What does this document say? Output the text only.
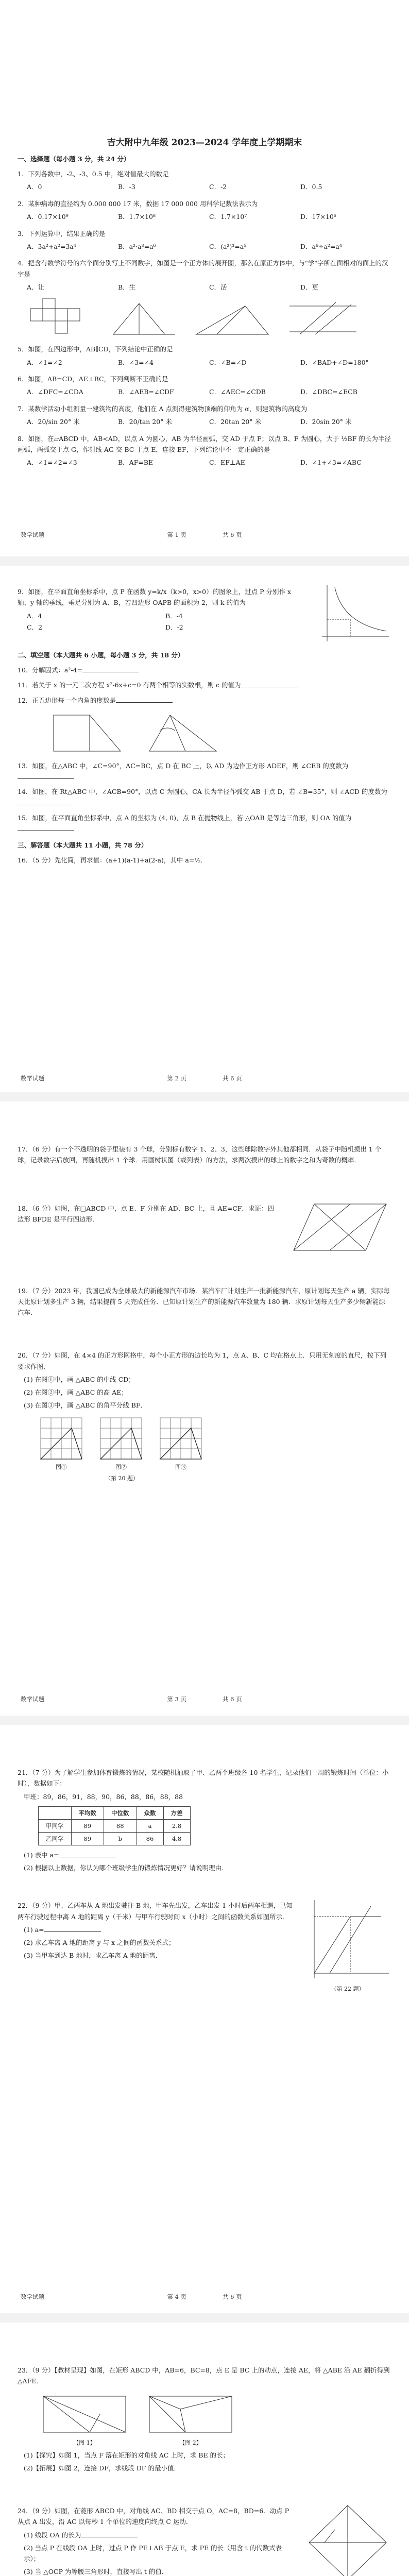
吉大附中九年级 2023—2024 学年度上学期期末
一、选择题（每小题 3 分，共 24 分）
1．下列各数中，-2、-3、0.5 中，绝对值最大的数是
A．0	B．-3	C．-2	D．0.5
2．某种病毒的直径约为 0.000 000 17 米，数据 17 000 000 用科学记数法表示为
A．0.17×10⁹	B．1.7×10⁸	C．1.7×10⁷	D．17×10⁶
3．下列运算中，结果正确的是
A．3a²+a²=3a⁴	B．a²·a³=a⁶	C．(a²)³=a⁵	D．a⁶÷a²=a⁴
4．把含有数学符号的六个面分别写上不同数字，如图是一个正方体的展开图，那么在原正方体中，与"学"字所在面相对的面上的汉字是
A．让	B．生	C．活	D．更
5．如图，在四边形中，AB∥CD，下列结论中正确的是
A．∠1=∠2	B．∠3=∠4	C．∠B=∠D	D．∠BAD+∠D=180°
6．如图，AB=CD，AE⊥BC，下列判断不正确的是
A．∠DFC=∠CDA	B．∠AEB=∠CDF	C．∠AEC=∠CDB	D．∠DBC=∠ECB
7．某数学活动小组测量一建筑物的高度，他们在 A 点测得建筑物顶端的仰角为 α，则建筑物的高度为
A．20/sin 20° 米	B．20/tan 20° 米	C．20tan 20° 米	D．20sin 20° 米
8．如图，在▱ABCD 中，AB<AD，以点 A 为圆心，AB 为半径画弧，交 AD 于点 F；以点 B、F 为圆心，大于 ½BF 的长为半径画弧，两弧交于点 G，作射线 AG 交 BC 于点 E，连接 EF，下列结论中不一定正确的是
A．∠1=∠2=∠3	B．AF=BE	C．EF⊥AE	D．∠1+∠3=∠ABC
数学试题	第 1 页	共 6 页
9．如图，在平面直角坐标系中，点 P 在函数 y=k/x（k>0，x>0）的图象上，过点 P 分别作 x 轴、y 轴的垂线，垂足分别为 A、B，若四边形 OAPB 的面积为 2，则 k 的值为
A．4	B．-4
C．2	D．-2
二、填空题（本大题共 6 小题，每小题 3 分，共 18 分）
10．分解因式：a²-4=
11．若关于 x 的一元二次方程 x²-6x+c=0 有两个相等的实数根，则 c 的值为
12．正五边形每一个内角的度数是
13．如图，在△ABC 中，∠C=90°，AC=BC，点 D 在 BC 上，以 AD 为边作正方形 ADEF，则 ∠CEB 的度数为
14．如图，在 Rt△ABC 中，∠ACB=90°，以点 C 为圆心，CA 长为半径作弧交 AB 于点 D，若 ∠B=35°，则 ∠ACD 的度数为
15．如图，在平面直角坐标系中，点 A 的坐标为 (4, 0)，点 B 在抛物线上，若 △OAB 是等边三角形，则 OA 的值为
三、解答题（本大题共 11 小题，共 78 分）
16．（5 分）先化简，再求值：(a+1)(a-1)+a(2-a)，其中 a=½．
数学试题	第 2 页	共 6 页
17．（6 分）有一个不透明的袋子里装有 3 个球，分别标有数字 1、2、3，这些球除数字外其他都相同．从袋子中随机摸出 1 个球，记录数字后放回，再随机摸出 1 个球．用画树状图（或列表）的方法，求两次摸出的球上的数字之和为奇数的概率．
18．（6 分）如图，在□ABCD 中，点 E、F 分别在 AD、BC 上，且 AE=CF．求证：四边形 BFDE 是平行四边形．
19．（7 分）2023 年，我国已成为全球最大的新能源汽车市场．某汽车厂计划生产一批新能源汽车，原计划每天生产 a 辆，实际每天比原计划多生产 3 辆，结果提前 5 天完成任务．已知原计划生产的新能源汽车数量为 180 辆．求原计划每天生产多少辆新能源汽车．
20．（7 分）如图，在 4×4 的正方形网格中，每个小正方形的边长均为 1，点 A、B、C 均在格点上．只用无刻度的直尺，按下列要求作图．
(1) 在图①中，画 △ABC 的中线 CD；
(2) 在图②中，画 △ABC 的高 AE；
(3) 在图③中，画 △ABC 的角平分线 BF．
图①	图②	图③
（第 20 题）
数学试题	第 3 页	共 6 页
21．（7 分）为了解学生参加体育锻炼的情况，某校随机抽取了甲、乙两个班级各 10 名学生，记录他们一周的锻炼时间（单位：小时），数据如下：
甲班：89，86，91，88，90，86，88，86，88，88
	平均数	中位数	众数	方差
甲同学	89	88	a	2.8
乙同学	89	b	86	4.8
(1) 表中 a=
(2) 根据以上数据，你认为哪个班级学生的锻炼情况更好？请说明理由．
22．（9 分）甲、乙两车从 A 地出发驶往 B 地，甲车先出发，乙车出发 1 小时后两车相遇，已知两车行驶过程中离 A 地的距离 y（千米）与甲车行驶时间 x（小时）之间的函数关系如图所示．
(1) a=
(2) 求乙车离 A 地的距离 y 与 x 之间的函数关系式；
(3) 当甲车到达 B 地时，求乙车离 A 地的距离．
（第 22 题）
数学试题	第 4 页	共 6 页
23．（9 分）【教材呈现】如图，在矩形 ABCD 中，AB=6，BC=8，点 E 是 BC 上的动点，连接 AE，将 △ABE 沿 AE 翻折得到 △AFE．
【图 1】	【图 2】
(1)【探究】如图 1，当点 F 落在矩形的对角线 AC 上时，求 BE 的长；
(2)【拓展】如图 2，连接 DF，求线段 DF 的最小值．
24．（9 分）如图，在菱形 ABCD 中，对角线 AC、BD 相交于点 O，AC=8，BD=6．动点 P 从点 A 出发，沿 AC 以每秒 1 个单位的速度向终点 C 运动．
(1) 线段 OA 的长为
(2) 当点 P 在线段 OA 上时，过点 P 作 PE⊥AB 于点 E，求 PE 的长（用含 t 的代数式表示）；
(3) 当 △OCP 为等腰三角形时，直接写出 t 的值．
